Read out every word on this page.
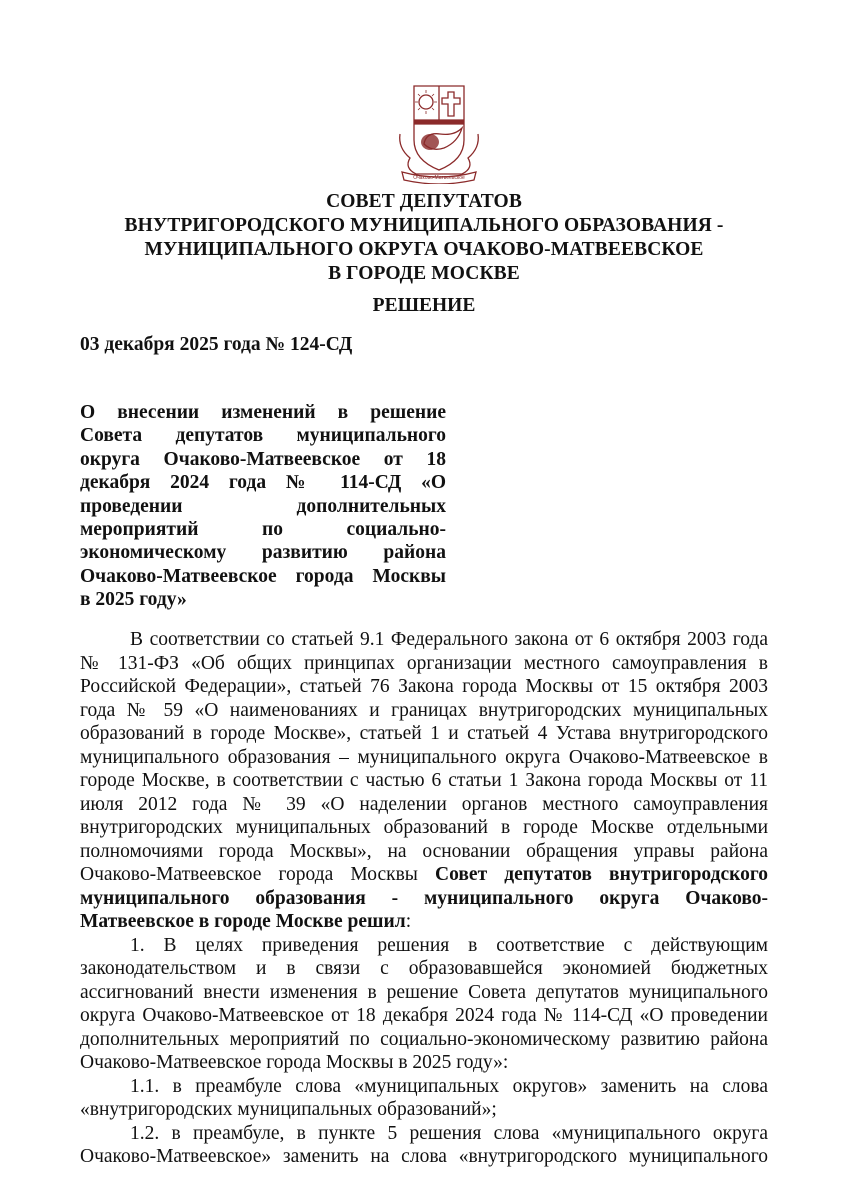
Очаково-Матвеевское
СОВЕТ ДЕПУТАТОВ
ВНУТРИГОРОДСКОГО МУНИЦИПАЛЬНОГО ОБРАЗОВАНИЯ -
МУНИЦИПАЛЬНОГО ОКРУГА ОЧАКОВО-МАТВЕЕВСКОЕ
В ГОРОДЕ МОСКВЕ
РЕШЕНИЕ
03 декабря 2025 года № 124-СД
О внесении изменений в решение
Совета депутатов муниципального
округа Очаково-Матвеевское от 18
декабря 2024 года № 114-СД «О
проведении дополнительных
мероприятий по социально-
экономическому развитию района
Очаково-Матвеевское города Москвы
в 2025 году»
В соответствии со статьей 9.1 Федерального закона от 6 октября 2003 года
№ 131-ФЗ «Об общих принципах организации местного самоуправления в
Российской Федерации», статьей 76 Закона города Москвы от 15 октября 2003
года № 59 «О наименованиях и границах внутригородских муниципальных
образований в городе Москве», статьей 1 и статьей 4 Устава внутригородского
муниципального образования – муниципального округа Очаково-Матвеевское в
городе Москве, в соответствии с частью 6 статьи 1 Закона города Москвы от 11
июля 2012 года № 39 «О наделении органов местного самоуправления
внутригородских муниципальных образований в городе Москве отдельными
полномочиями города Москвы», на основании обращения управы района
Очаково-Матвеевское города Москвы Совет депутатов внутригородского
муниципального образования - муниципального округа Очаково-
Матвеевское в городе Москве решил:
1. В целях приведения решения в соответствие с действующим
законодательством и в связи с образовавшейся экономией бюджетных
ассигнований внести изменения в решение Совета депутатов муниципального
округа Очаково-Матвеевское от 18 декабря 2024 года № 114-СД «О проведении
дополнительных мероприятий по социально-экономическому развитию района
Очаково-Матвеевское города Москвы в 2025 году»:
1.1. в преамбуле слова «муниципальных округов» заменить на слова
«внутригородских муниципальных образований»;
1.2. в преамбуле, в пункте 5 решения слова «муниципального округа
Очаково-Матвеевское» заменить на слова «внутригородского муниципального
